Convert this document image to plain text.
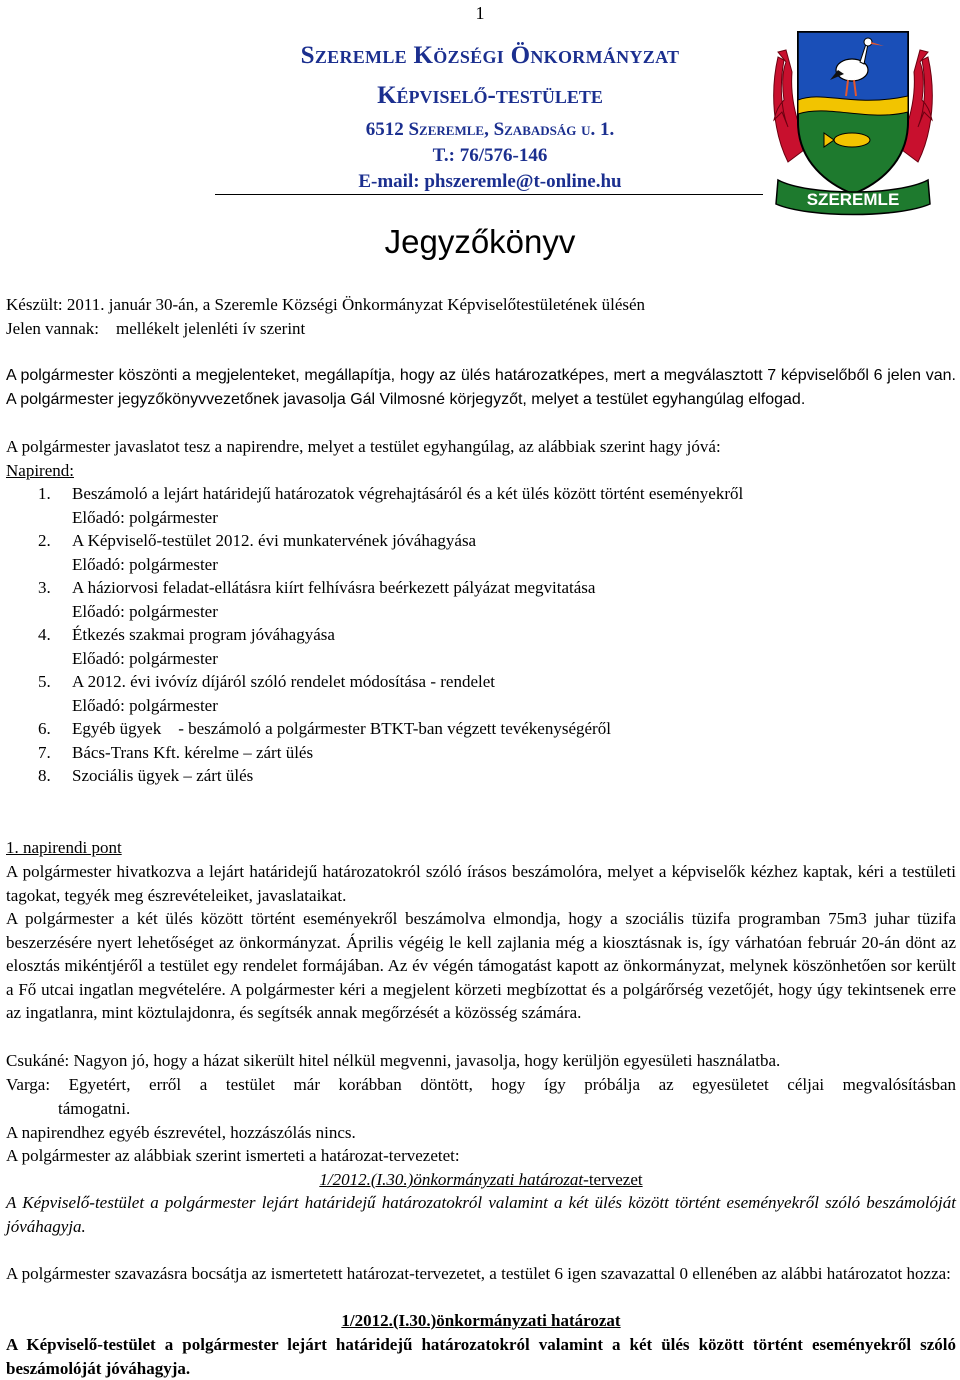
1
Szeremle Községi Önkormányzat
Képviselő-testülete
6512 Szeremle, Szabadság u. 1.
T.: 76/576-146
E-mail: phszeremle@t-online.hu
SZEREMLE
Jegyzőkönyv
Készült: 2011. január 30-án, a Szeremle Községi Önkormányzat Képviselőtestületének ülésén
Jelen vannak:    mellékelt jelenléti ív szerint
A polgármester köszönti a megjelenteket, megállapítja, hogy az ülés határozatképes, mert a megválasztott 7 képviselőből 6 jelen van. A polgármester jegyzőkönyvvezetőnek javasolja Gál Vilmosné körjegyzőt, melyet a testület egyhangúlag elfogad.
A polgármester javaslatot tesz a napirendre, melyet a testület egyhangúlag, az alábbiak szerint hagy jóvá:
Napirend:
1. Beszámoló a lejárt határidejű határozatok végrehajtásáról és a két ülés között történt eseményekről
Előadó: polgármester
2. A Képviselő-testület 2012. évi munkatervének jóváhagyása
Előadó: polgármester
3. A háziorvosi feladat-ellátásra kiírt felhívásra beérkezett pályázat megvitatása
Előadó: polgármester
4. Étkezés szakmai program jóváhagyása
Előadó: polgármester
5. A 2012. évi ivóvíz díjáról szóló rendelet módosítása - rendelet
Előadó: polgármester
6. Egyéb ügyek    - beszámoló a polgármester BTKT-ban végzett tevékenységéről
7. Bács-Trans Kft. kérelme – zárt ülés
8. Szociális ügyek – zárt ülés
1. napirendi pont
A polgármester hivatkozva a lejárt határidejű határozatokról szóló írásos beszámolóra, melyet a képviselők kézhez kaptak, kéri a testületi tagokat, tegyék meg észrevételeiket, javaslataikat.
A polgármester a két ülés között történt eseményekről beszámolva elmondja, hogy a szociális tüzifa programban 75m3 juhar tüzifa beszerzésére nyert lehetőséget az önkormányzat. Április végéig le kell zajlania még a kiosztásnak is, így várhatóan február 20-án dönt az elosztás mikéntjéről a testület egy rendelet formájában. Az év végén támogatást kapott az önkormányzat, melynek köszönhetően sor került a Fő utcai ingatlan megvételére. A polgármester kéri a megjelent körzeti megbízottat és a polgárőrség vezetőjét, hogy úgy tekintsenek erre az ingatlanra, mint köztulajdonra, és segítsék annak megőrzését a közösség számára.
Csukáné: Nagyon jó, hogy a házat sikerült hitel nélkül megvenni, javasolja, hogy kerüljön egyesületi használatba.
Varga: Egyetért, erről a testület már korábban döntött, hogy így próbálja az egyesületet céljai megvalósításban
támogatni.
A napirendhez egyéb észrevétel, hozzászólás nincs.
A polgármester az alábbiak szerint ismerteti a határozat-tervezetet:
1/2012.(I.30.)önkormányzati határozat-tervezet
A Képviselő-testület a polgármester lejárt határidejű határozatokról valamint a két ülés között történt eseményekről szóló beszámolóját jóváhagyja.
A polgármester szavazásra bocsátja az ismertetett határozat-tervezetet, a testület 6 igen szavazattal 0 ellenében az alábbi határozatot hozza:
1/2012.(I.30.)önkormányzati határozat
A Képviselő-testület a polgármester lejárt határidejű határozatokról valamint a két ülés között történt eseményekről szóló beszámolóját jóváhagyja.
